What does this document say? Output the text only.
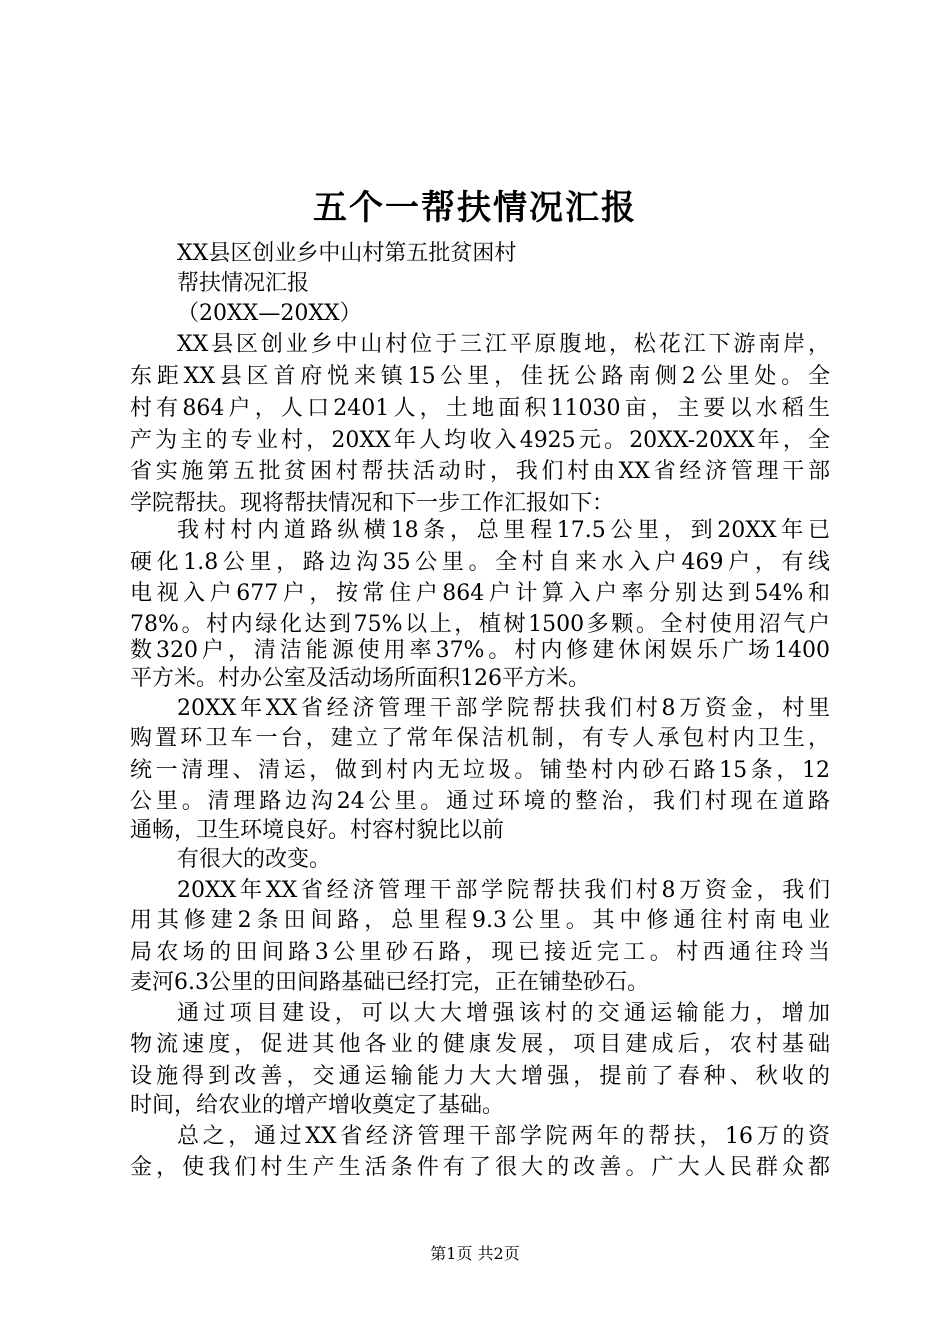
五个一帮扶情况汇报
XX县区创业乡中山村第五批贫困村
帮扶情况汇报
（20XX—20XX）
XX县区创业乡中山村位于三江平原腹地，松花江下游南岸，
东距XX县区首府悦来镇15公里，佳抚公路南侧2公里处。全
村有864户，人口2401人，土地面积11030亩，主要以水稻生
产为主的专业村，20XX年人均收入4925元。20XX-20XX年，全
省实施第五批贫困村帮扶活动时，我们村由XX省经济管理干部
学院帮扶。现将帮扶情况和下一步工作汇报如下：
我村村内道路纵横18条，总里程17.5公里，到20XX年已
硬化1.8公里，路边沟35公里。全村自来水入户469户，有线
电视入户677户，按常住户864户计算入户率分别达到54%和
78%。村内绿化达到75%以上，植树1500多颗。全村使用沼气户
数320户，清洁能源使用率37%。村内修建休闲娱乐广场1400
平方米。村办公室及活动场所面积126平方米。
20XX年XX省经济管理干部学院帮扶我们村8万资金，村里
购置环卫车一台，建立了常年保洁机制，有专人承包村内卫生，
统一清理、清运，做到村内无垃圾。铺垫村内砂石路15条，12
公里。清理路边沟24公里。通过环境的整治，我们村现在道路
通畅，卫生环境良好。村容村貌比以前
有很大的改变。
20XX年XX省经济管理干部学院帮扶我们村8万资金，我们
用其修建2条田间路，总里程9.3公里。其中修通往村南电业
局农场的田间路3公里砂石路，现已接近完工。村西通往玲当
麦河6.3公里的田间路基础已经打完，正在铺垫砂石。
通过项目建设，可以大大增强该村的交通运输能力，增加
物流速度，促进其他各业的健康发展，项目建成后，农村基础
设施得到改善，交通运输能力大大增强，提前了春种、秋收的
时间，给农业的增产增收奠定了基础。
总之，通过XX省经济管理干部学院两年的帮扶，16万的资
金，使我们村生产生活条件有了很大的改善。广大人民群众都
第1页 共2页
